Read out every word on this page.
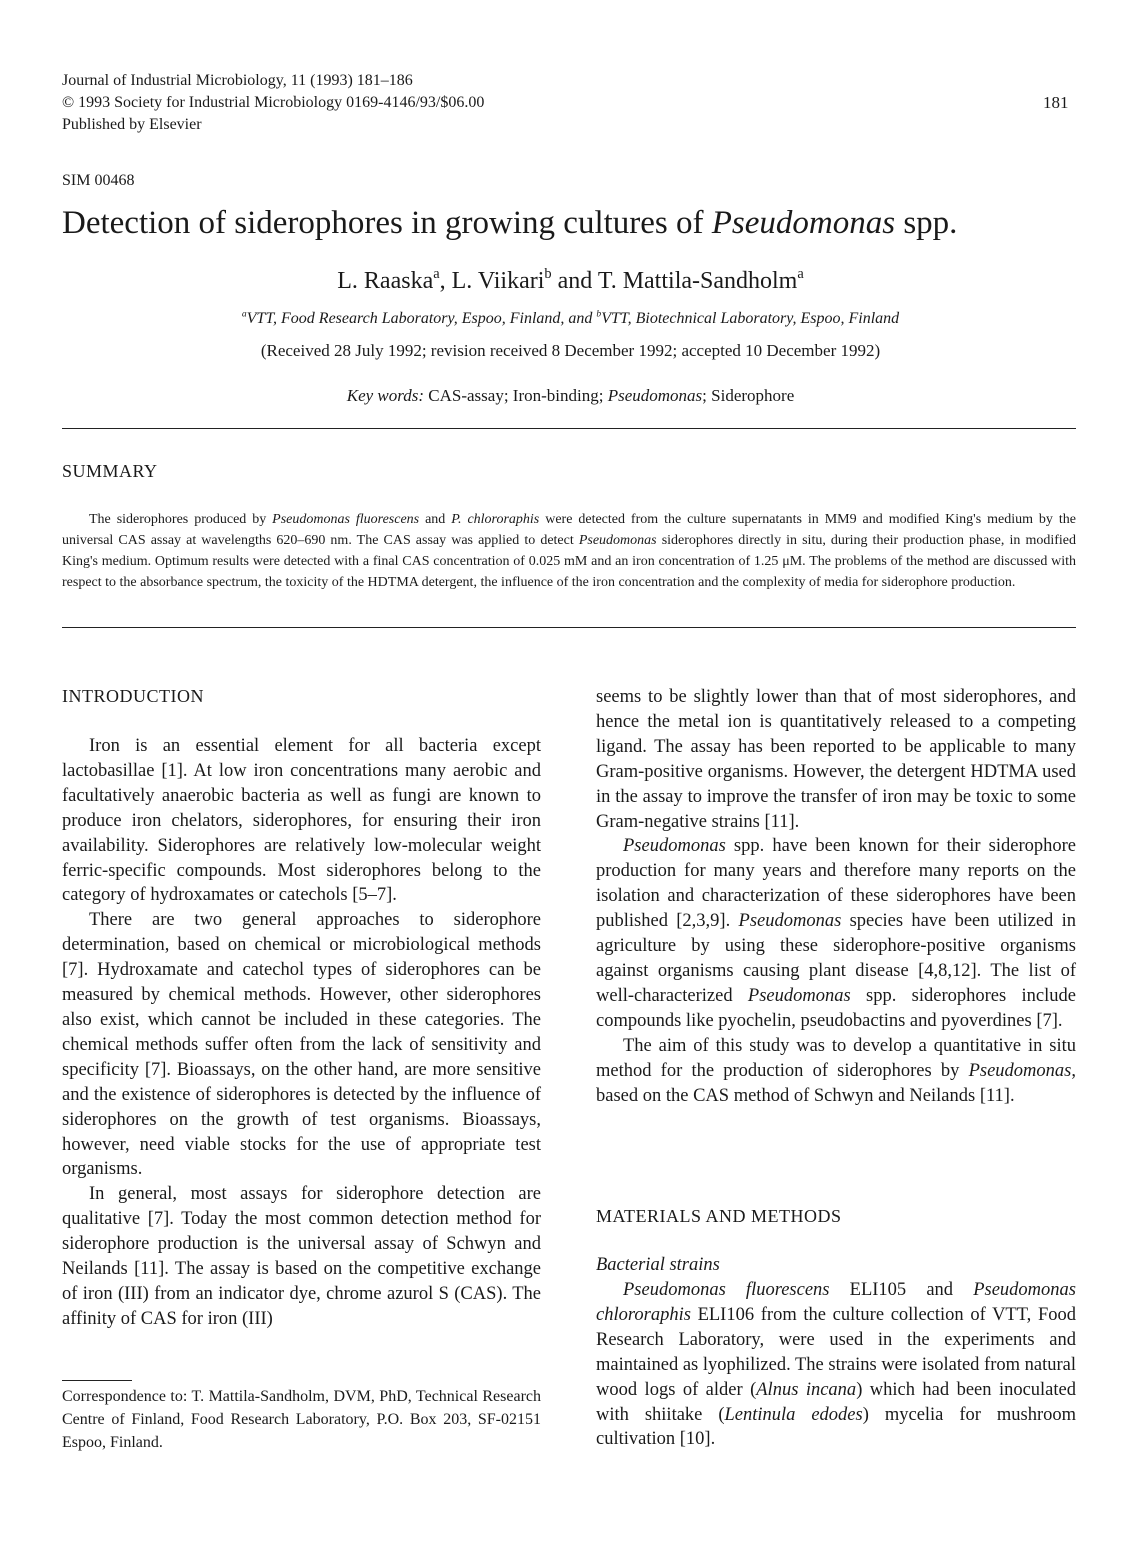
Journal of Industrial Microbiology, 11 (1993) 181–186
© 1993 Society for Industrial Microbiology 0169-4146/93/$06.00
Published by Elsevier
181
SIM 00468
Detection of siderophores in growing cultures of Pseudomonas spp.
L. Raaska$^a$, L. Viikari$^b$ and T. Mattila-Sandholm$^a$
$^a$VTT, Food Research Laboratory, Espoo, Finland, and $^b$VTT, Biotechnical Laboratory, Espoo, Finland
(Received 28 July 1992; revision received 8 December 1992; accepted 10 December 1992)
Key words: CAS-assay; Iron-binding; Pseudomonas; Siderophore
SUMMARY
The siderophores produced by Pseudomonas fluorescens and P. chlororaphis were detected from the culture supernatants in MM9 and modified King's medium by the universal CAS assay at wavelengths 620–690 nm. The CAS assay was applied to detect Pseudomonas siderophores directly in situ, during their production phase, in modified King's medium. Optimum results were detected with a final CAS concentration of 0.025 mM and an iron concentration of 1.25 μM. The problems of the method are discussed with respect to the absorbance spectrum, the toxicity of the HDTMA detergent, the influence of the iron concentration and the complexity of media for siderophore production.
INTRODUCTION

Iron is an essential element for all bacteria except lactobasillae [1]. At low iron concentrations many aerobic and facultatively anaerobic bacteria as well as fungi are known to produce iron chelators, siderophores, for ensuring their iron availability. Siderophores are relatively low-molecular weight ferric-specific compounds. Most siderophores belong to the category of hydroxamates or catechols [5–7].

There are two general approaches to siderophore determination, based on chemical or microbiological methods [7]. Hydroxamate and catechol types of siderophores can be measured by chemical methods. However, other siderophores also exist, which cannot be included in these categories. The chemical methods suffer often from the lack of sensitivity and specificity [7]. Bioassays, on the other hand, are more sensitive and the existence of siderophores is detected by the influence of siderophores on the growth of test organisms. Bioassays, however, need viable stocks for the use of appropriate test organisms.

In general, most assays for siderophore detection are qualitative [7]. Today the most common detection method for siderophore production is the universal assay of Schwyn and Neilands [11]. The assay is based on the competitive exchange of iron (III) from an indicator dye, chrome azurol S (CAS). The affinity of CAS for iron (III)

Correspondence to: T. Mattila-Sandholm, DVM, PhD, Technical Research Centre of Finland, Food Research Laboratory, P.O. Box 203, SF-02151 Espoo, Finland.

seems to be slightly lower than that of most siderophores, and hence the metal ion is quantitatively released to a competing ligand. The assay has been reported to be applicable to many Gram-positive organisms. However, the detergent HDTMA used in the assay to improve the transfer of iron may be toxic to some Gram-negative strains [11].

Pseudomonas spp. have been known for their siderophore production for many years and therefore many reports on the isolation and characterization of these siderophores have been published [2,3,9]. Pseudomonas species have been utilized in agriculture by using these siderophore-positive organisms against organisms causing plant disease [4,8,12]. The list of well-characterized Pseudomonas spp. siderophores include compounds like pyochelin, pseudobactins and pyoverdines [7].

The aim of this study was to develop a quantitative in situ method for the production of siderophores by Pseudomonas, based on the CAS method of Schwyn and Neilands [11].

MATERIALS AND METHODS
Bacterial strains

Pseudomonas fluorescens ELI105 and Pseudomonas chlororaphis ELI106 from the culture collection of VTT, Food Research Laboratory, were used in the experiments and maintained as lyophilized. The strains were isolated from natural wood logs of alder (Alnus incana) which had been inoculated with shiitake (Lentinula edodes) mycelia for mushroom cultivation [10].
